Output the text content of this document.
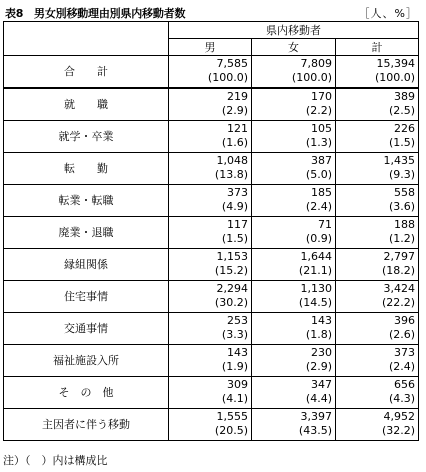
表8　男女別移動理由別県内移動者数	［人、%］
	県内移動者		
	男	女	計
合　　計	7,585	7,809	15,394
	(100.0)	(100.0)	(100.0)
就　　職	219	170	389
	(2.9)	(2.2)	(2.5)
就学・卒業	121	105	226
	(1.6)	(1.3)	(1.5)
転　　勤	1,048	387	1,435
	(13.8)	(5.0)	(9.3)
転業・転職	373	185	558
	(4.9)	(2.4)	(3.6)
廃業・退職	117	71	188
	(1.5)	(0.9)	(1.2)
縁組関係	1,153	1,644	2,797
	(15.2)	(21.1)	(18.2)
住宅事情	2,294	1,130	3,424
	(30.2)	(14.5)	(22.2)
交通事情	253	143	396
	(3.3)	(1.8)	(2.6)
福祉施設入所	143	230	373
	(1.9)	(2.9)	(2.4)
そ　の　他	309	347	656
	(4.1)	(4.4)	(4.3)
主因者に伴う移動	1,555	3,397	4,952
	(20.5)	(43.5)	(32.2)
注）（　）内は構成比
